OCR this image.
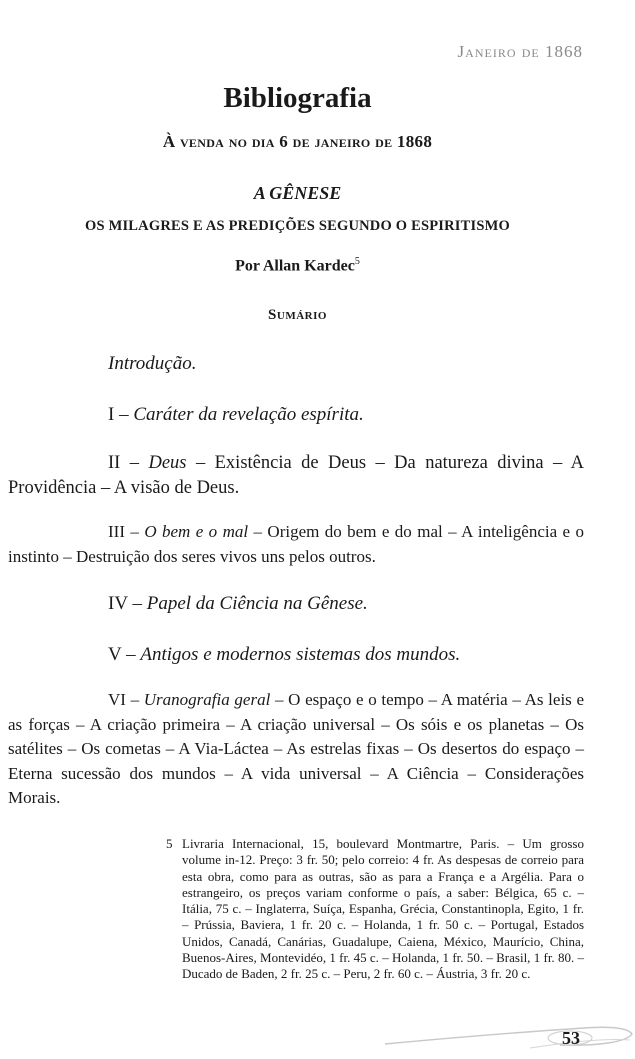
Janeiro de 1868
Bibliografia
À venda no dia 6 de janeiro de 1868
A GÊNESE
OS MILAGRES E AS PREDIÇÕES SEGUNDO O ESPIRITISMO
Por Allan Kardec$^5$
Sumário
Introdução.
I – Caráter da revelação espírita.
II – Deus – Existência de Deus – Da natureza divina – A Providência – A visão de Deus.
III – O bem e o mal – Origem do bem e do mal – A inteligência e o instinto – Destruição dos seres vivos uns pelos outros.
IV – Papel da Ciência na Gênese.
V – Antigos e modernos sistemas dos mundos.
VI – Uranografia geral – O espaço e o tempo – A matéria – As leis e as forças – A criação primeira – A criação universal – Os sóis e os planetas – Os satélites – Os cometas – A Via-Láctea – As estrelas fixas – Os desertos do espaço – Eterna sucessão dos mundos – A vida universal – A Ciência – Considerações Morais.
5 Livraria Internacional, 15, boulevard Montmartre, Paris. – Um grosso volume in-12. Preço: 3 fr. 50; pelo correio: 4 fr. As despesas de correio para esta obra, como para as outras, são as para a França e a Argélia. Para o estrangeiro, os preços variam conforme o país, a saber: Bélgica, 65 c. – Itália, 75 c. – Inglaterra, Suíça, Espanha, Grécia, Constantinopla, Egito, 1 fr. – Prússia, Baviera, 1 fr. 20 c. – Holanda, 1 fr. 50 c. – Portugal, Estados Unidos, Canadá, Canárias, Guadalupe, Caiena, México, Maurício, China, Buenos-Aires, Montevidéo, 1 fr. 45 c. – Holanda, 1 fr. 50. – Brasil, 1 fr. 80. – Ducado de Baden, 2 fr. 25 c. – Peru, 2 fr. 60 c. – Áustria, 3 fr. 20 c.
53
